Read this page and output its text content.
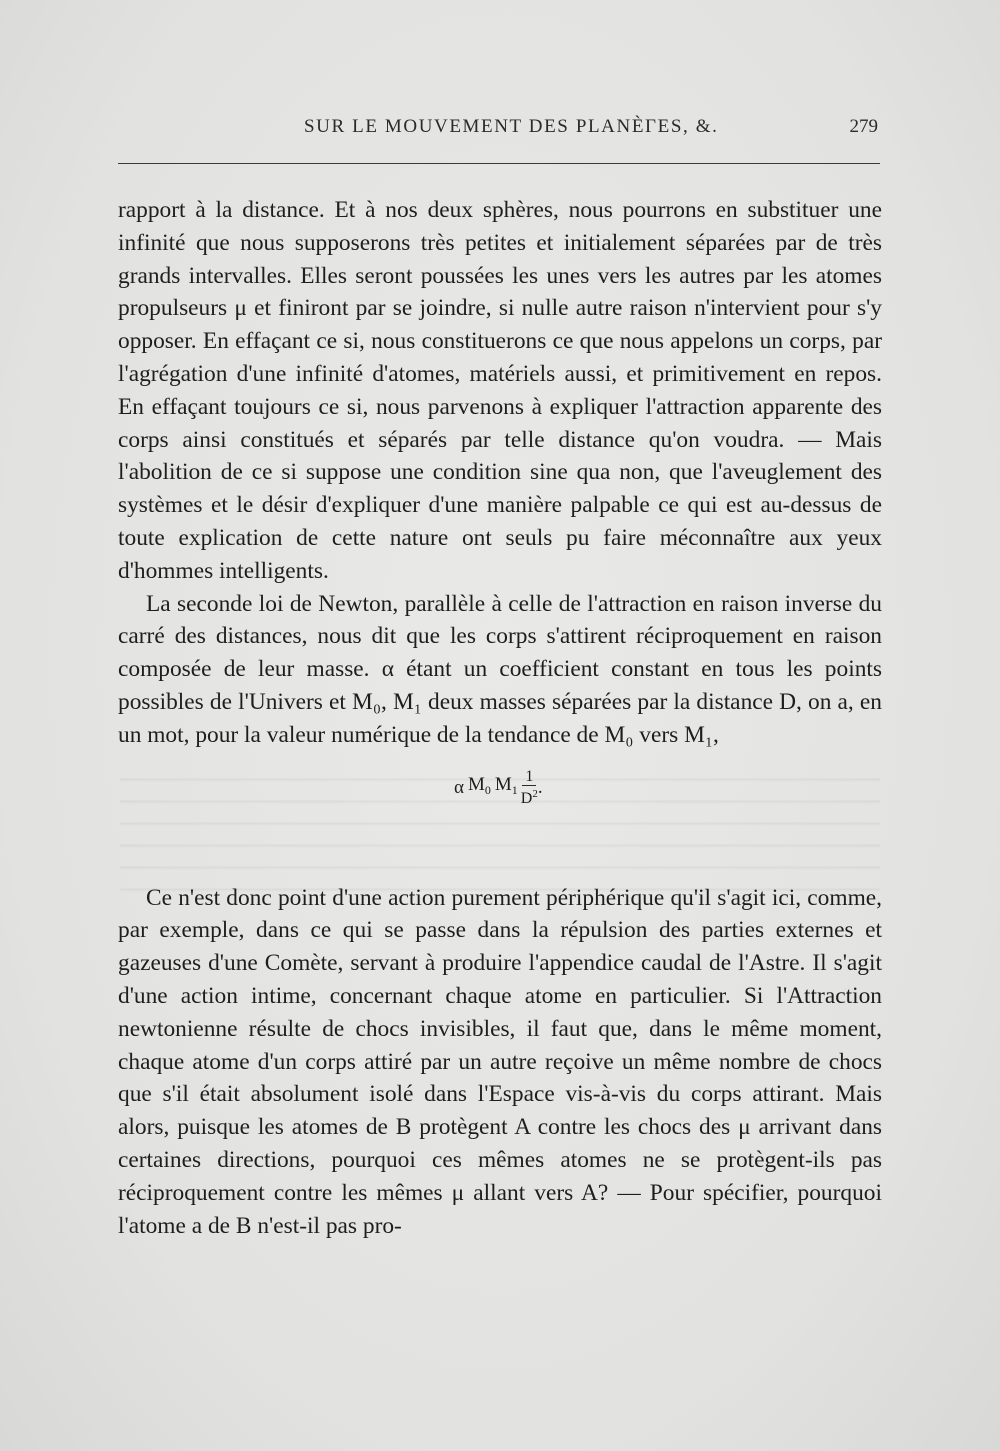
SUR LE MOUVEMENT DES PLANÈΓES, &.	279

rapport à la distance. Et à nos deux sphères, nous pourrons en substituer une infinité que nous supposerons très petites et initialement séparées par de très grands intervalles. Elles seront poussées les unes vers les autres par les atomes propulseurs μ et finiront par se joindre, si nulle autre raison n'intervient pour s'y opposer. En effaçant ce si, nous constituerons ce que nous appelons un corps, par l'agrégation d'une infinité d'atomes, matériels aussi, et primitivement en repos. En effaçant toujours ce si, nous parvenons à expliquer l'attraction apparente des corps ainsi constitués et séparés par telle distance qu'on voudra. — Mais l'abolition de ce si suppose une condition sine qua non, que l'aveuglement des systèmes et le désir d'expliquer d'une manière palpable ce qui est au-dessus de toute explication de cette nature ont seuls pu faire méconnaître aux yeux d'hommes intelligents.

La seconde loi de Newton, parallèle à celle de l'attraction en raison inverse du carré des distances, nous dit que les corps s'attirent réciproquement en raison composée de leur masse. α étant un coefficient constant en tous les points possibles de l'Univers et M₀, M₁ deux masses séparées par la distance D, on a, en un mot, pour la valeur numérique de la tendance de M₀ vers M₁,

α $M_0$ $M_1 \frac{1}{D^2}$ .

Ce n'est donc point d'une action purement périphérique qu'il s'agit ici, comme, par exemple, dans ce qui se passe dans la répulsion des parties externes et gazeuses d'une Comète, servant à produire l'appendice caudal de l'Astre. Il s'agit d'une action intime, concernant chaque atome en particulier. Si l'Attraction newtonienne résulte de chocs invisibles, il faut que, dans le même moment, chaque atome d'un corps attiré par un autre reçoive un même nombre de chocs que s'il était absolument isolé dans l'Espace vis-à-vis du corps attirant. Mais alors, puisque les atomes de B protègent A contre les chocs des μ arrivant dans certaines directions, pourquoi ces mêmes atomes ne se protègent-ils pas réciproquement contre les mêmes μ allant vers A? — Pour spécifier, pourquoi l'atome a de B n'est-il pas pro-
